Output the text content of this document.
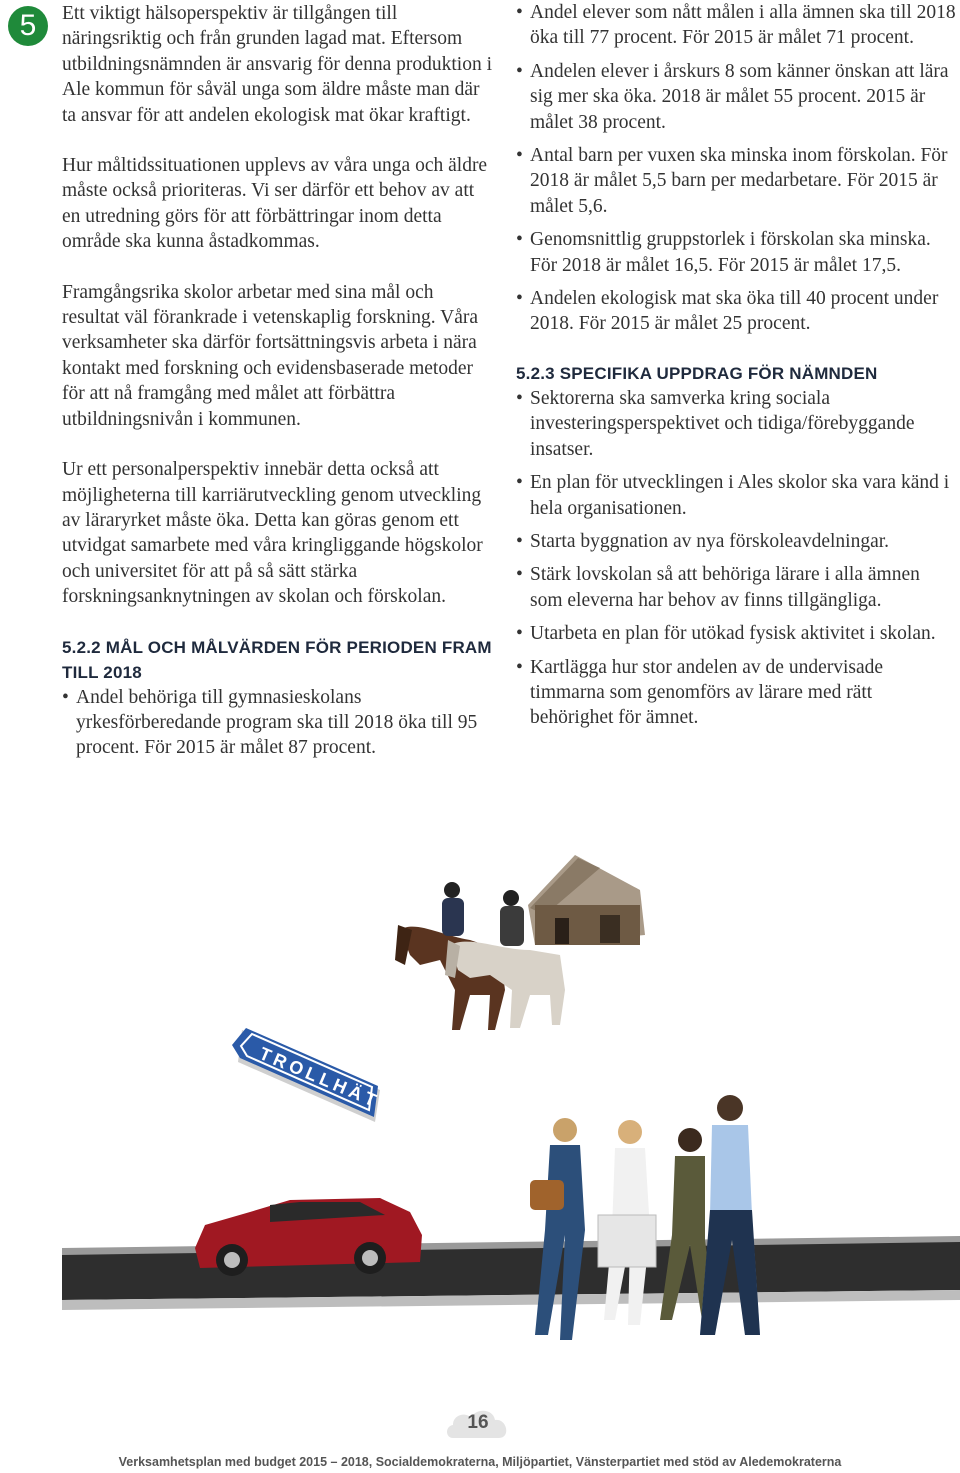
5	Ett viktigt hälsoperspektiv är tillgången till näringsriktig och från grunden lagad mat. Eftersom utbildningsnämnden är ansvarig för denna produktion i Ale kommun för såväl unga som äldre måste man där ta ansvar för att andelen ekologisk mat ökar kraftigt.

Hur måltidssituationen upplevs av våra unga och äldre måste också prioriteras. Vi ser därför ett behov av att en utredning görs för att förbättringar inom detta område ska kunna åstadkommas.

Framgångsrika skolor arbetar med sina mål och resultat väl förankrade i vetenskaplig forskning. Våra verksamheter ska därför fortsättningsvis arbeta i nära kontakt med forskning och evidensbaserade metoder för att nå framgång med målet att förbättra utbildningsnivån i kommunen.

Ur ett personalperspektiv innebär detta också att möjligheterna till karriärutveckling genom utveckling av läraryrket måste öka. Detta kan göras genom ett utvidgat samarbete med våra kringliggande högskolor och universitet för att på så sätt stärka forskningsanknytningen av skolan och förskolan.

5.2.2 MÅL OCH MÅLVÄRDEN FÖR PERIODEN FRAM TILL 2018
• Andel behöriga till gymnasieskolans yrkesförberedande program ska till 2018 öka till 95 procent. För 2015 är målet 87 procent.
• Andel elever som nått målen i alla ämnen ska till 2018 öka till 77 procent. För 2015 är målet 71 procent.
• Andelen elever i årskurs 8 som känner önskan att lära sig mer ska öka. 2018 är målet 55 procent. 2015 är målet 38 procent.
• Antal barn per vuxen ska minska inom förskolan. För 2018 är målet 5,5 barn per medarbetare. För 2015 är målet 5,6.
• Genomsnittlig gruppstorlek i förskolan ska minska. För 2018 är målet 16,5. För 2015 är målet 17,5.
• Andelen ekologisk mat ska öka till 40 procent under 2018. För 2015 är målet 25 procent.
5.2.3 SPECIFIKA UPPDRAG FÖR NÄMNDEN
• Sektorerna ska samverka kring sociala investeringsperspektivet och tidiga/förebyggande insatser.
• En plan för utvecklingen i Ales skolor ska vara känd i hela organisationen.
• Starta byggnation av nya förskoleavdelningar.
• Stärk lovskolan så att behöriga lärare i alla ämnen som eleverna har behov av finns tillgängliga.
• Utarbeta en plan för utökad fysisk aktivitet i skolan.
• Kartlägga hur stor andelen av de undervisade timmarna som genomförs av lärare med rätt behörighet för ämnet.
TROLLHÄTTAN
16
Verksamhetsplan med budget 2015 – 2018, Socialdemokraterna, Miljöpartiet, Vänsterpartiet med stöd av Aledemokraterna
